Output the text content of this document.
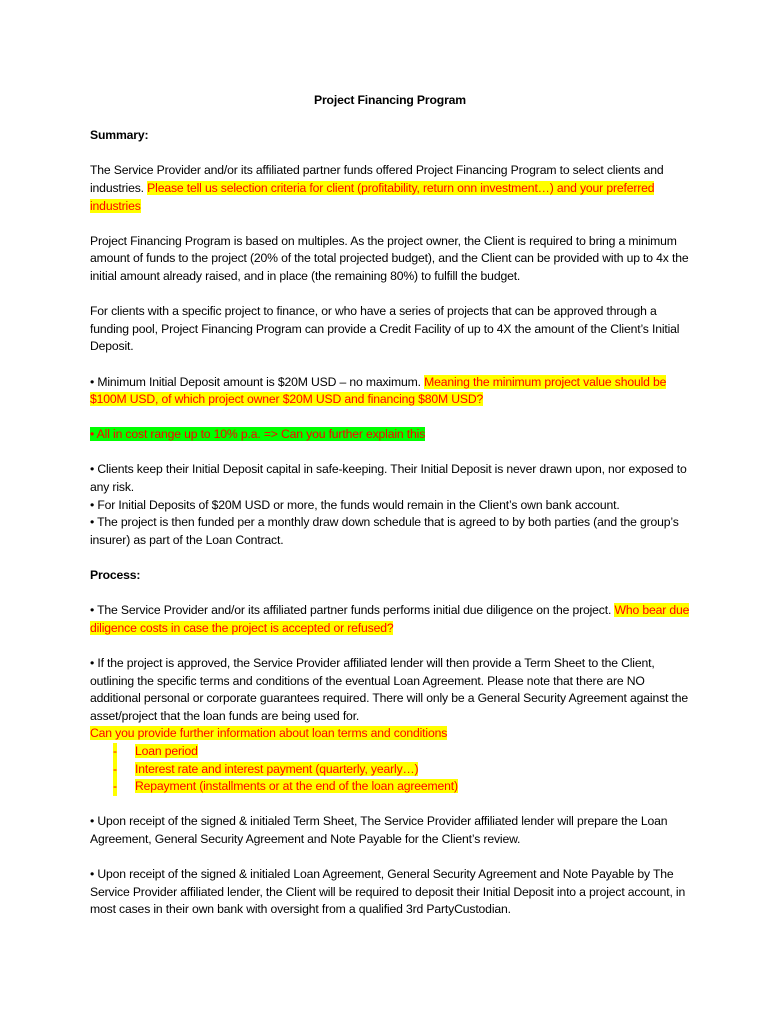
Project Financing Program
Summary:

The Service Provider and/or its affiliated partner funds offered Project Financing Program to select clients and industries. Please tell us selection criteria for client (profitability, return onn investment…) and your preferred industries

Project Financing Program is based on multiples. As the project owner, the Client is required to bring a minimum amount of funds to the project (20% of the total projected budget), and the Client can be provided with up to 4x the initial amount already raised, and in place (the remaining 80%) to fulfill the budget.

For clients with a specific project to finance, or who have a series of projects that can be approved through a funding pool, Project Financing Program can provide a Credit Facility of up to 4X the amount of the Client’s Initial Deposit.

• Minimum Initial Deposit amount is $20M USD – no maximum. Meaning the minimum project value should be $100M USD, of which project owner $20M USD and financing $80M USD?

• All in cost range up to 10% p.a. => Can you further explain this

• Clients keep their Initial Deposit capital in safe-keeping. Their Initial Deposit is never drawn upon, nor exposed to any risk.

• For Initial Deposits of $20M USD or more, the funds would remain in the Client’s own bank account.

• The project is then funded per a monthly draw down schedule that is agreed to by both parties (and the group’s insurer) as part of the Loan Contract.

Process:

• The Service Provider and/or its affiliated partner funds performs initial due diligence on the project. Who bear due diligence costs in case the project is accepted or refused?

• If the project is approved, the Service Provider affiliated lender will then provide a Term Sheet to the Client, outlining the specific terms and conditions of the eventual Loan Agreement. Please note that there are NO additional personal or corporate guarantees required. There will only be a General Security Agreement against the asset/project that the loan funds are being used for.

Can you provide further information about loan terms and conditions
- Loan period
- Interest rate and interest payment (quarterly, yearly…)
- Repayment (installments or at the end of the loan agreement)

• Upon receipt of the signed & initialed Term Sheet, The Service Provider affiliated lender will prepare the Loan Agreement, General Security Agreement and Note Payable for the Client’s review.

• Upon receipt of the signed & initialed Loan Agreement, General Security Agreement and Note Payable by The Service Provider affiliated lender, the Client will be required to deposit their Initial Deposit into a project account, in most cases in their own bank with oversight from a qualified 3rd PartyCustodian.
